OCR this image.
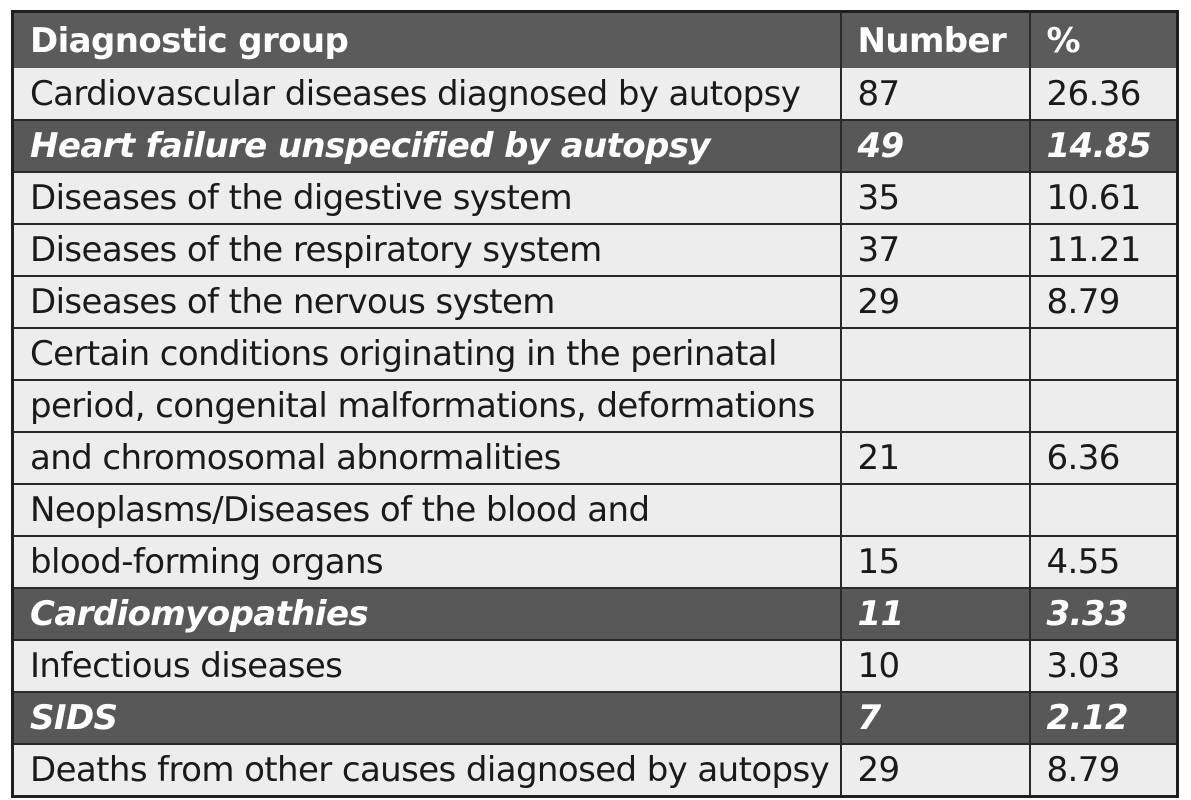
Diagnostic group	Number	%
Cardiovascular diseases diagnosed by autopsy	87	26.36
Heart failure unspecified by autopsy	49	14.85
Diseases of the digestive system	35	10.61
Diseases of the respiratory system	37	11.21
Diseases of the nervous system	29	8.79
Certain conditions originating in the perinatal		
period, congenital malformations, deformations		
and chromosomal abnormalities	21	6.36
Neoplasms/Diseases of the blood and		
blood-forming organs	15	4.55
Cardiomyopathies	11	3.33
Infectious diseases	10	3.03
SIDS	7	2.12
Deaths from other causes diagnosed by autopsy	29	8.79
